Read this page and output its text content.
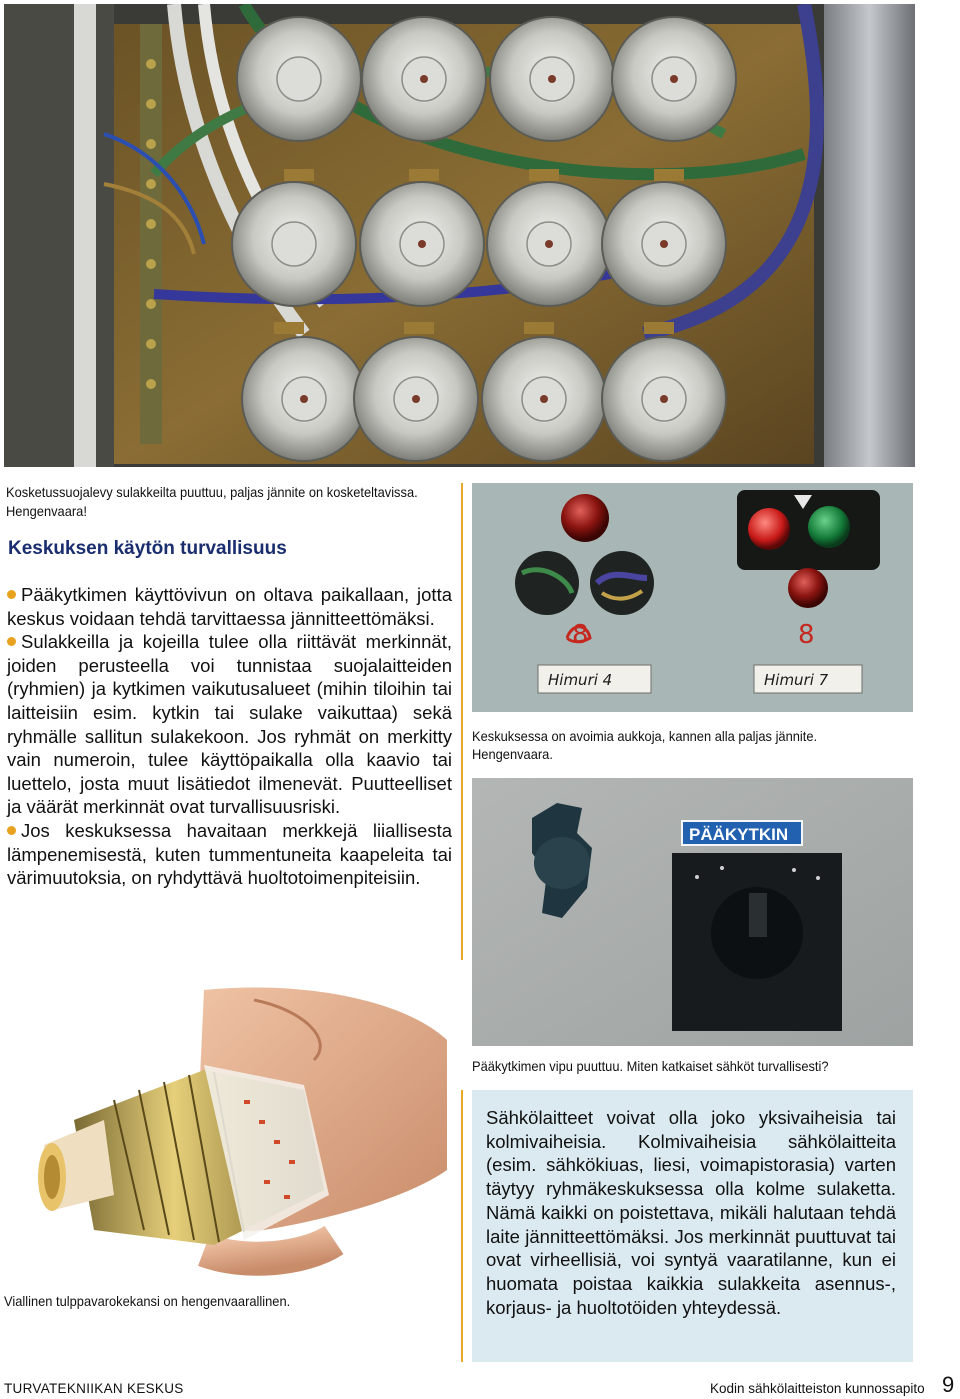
Kosketussuojalevy sulakkeilta puuttuu, paljas jännite on kosketeltavissa.
Hengenvaara!
Keskuksen käytön turvallisuus
Pääkytkimen käyttövivun on oltava paikallaan, jotta keskus voidaan tehdä tarvittaessa jännitteettömäksi.
Sulakkeilla ja kojeilla tulee olla riittävät merkinnät, joiden perusteella voi tunnistaa suojalaitteiden (ryhmien) ja kytkimen vaikutusalueet (mihin tiloihin tai laitteisiin esim. kytkin tai sulake vaikuttaa) sekä ryhmälle sallitun sulakekoon. Jos ryhmät on merkitty vain numeroin, tulee käyttöpaikalla olla kaavio tai luettelo, josta muut lisätiedot ilmenevät. Puutteelliset ja väärät merkinnät ovat turvallisuusriski.
Jos keskuksessa havaitaan merkkejä liiallisesta lämpenemisestä, kuten tummentuneita kaapeleita tai värimuutoksia, on ryhdyttävä huoltotoimenpiteisiin.
8
Himuri 4	Himuri 7
8
Keskuksessa on avoimia aukkoja, kannen alla paljas jännite.
Hengenvaara.
PÄÄKYTKIN
Pääkytkimen vipu puuttuu. Miten katkaiset sähköt turvallisesti?
Viallinen tulppavarokekansi on hengenvaarallinen.

Sähkölaitteet voivat olla joko yksivaiheisia tai kolmivaiheisia. Kolmivaiheisia sähkölaitteita (esim. sähkökiuas, liesi, voimapistorasia) varten täytyy ryhmäkeskuksessa olla kolme sulaketta. Nämä kaikki on poistettava, mikäli halutaan tehdä laite jännitteettömäksi. Jos merkinnät puuttuvat tai ovat virheellisiä, voi syntyä vaaratilanne, kun ei huomata poistaa kaikkia sulakkeita asennus-, korjaus- ja huoltotöiden yhteydessä.

TURVATEKNIIKAN KESKUS	Kodin sähkölaitteiston kunnossapito 9
